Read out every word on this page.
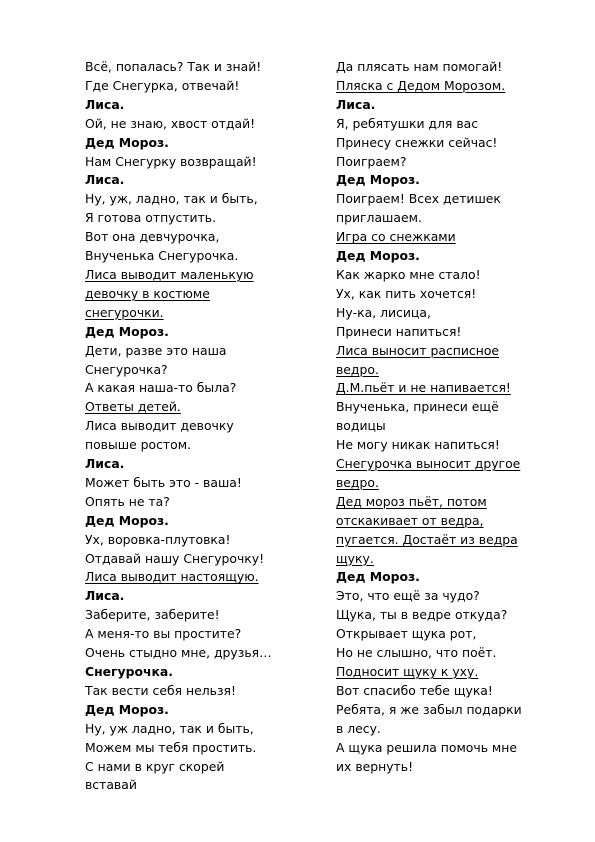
Всё, попалась? Так и знай!
Где Снегурка, отвечай!
Лиса.
Ой, не знаю, хвост отдай!
Дед Мороз.
Нам Снегурку возвращай!
Лиса.
Ну, уж, ладно, так и быть,
Я готова отпустить.
Вот она девчурочка,
Внученька Снегурочка.
Лиса выводит маленькую
девочку в костюме
снегурочки.
Дед Мороз.
Дети, разве это наша
Снегурочка?
А какая наша-то была?
Ответы детей.
Лиса выводит девочку
повыше ростом.
Лиса.
Может быть это - ваша!
Опять не та?
Дед Мороз.
Ух, воровка-плутовка!
Отдавай нашу Снегурочку!
Лиса выводит настоящую.
Лиса.
Заберите, заберите!
А меня-то вы простите?
Очень стыдно мне, друзья…
Снегурочка.
Так вести себя нельзя!
Дед Мороз.
Ну, уж ладно, так и быть,
Можем мы тебя простить.
С нами в круг скорей
вставай
Да плясать нам помогай!
Пляска с Дедом Морозом.
Лиса.
Я, ребятушки для вас
Принесу снежки сейчас!
Поиграем?
Дед Мороз.
Поиграем! Всех детишек
приглашаем.
Игра со снежками
Дед Мороз.
Как жарко мне стало!
Ух, как пить хочется!
Ну-ка, лисица,
Принеси напиться!
Лиса выносит расписное
ведро.
Д.М.пьёт и не напивается!
Внученька, принеси ещё
водицы
Не могу никак напиться!
Снегурочка выносит другое
ведро.
Дед мороз пьёт, потом
отскакивает от ведра,
пугается. Достаёт из ведра
щуку.
Дед Мороз.
Это, что ещё за чудо?
Щука, ты в ведре откуда?
Открывает щука рот,
Но не слышно, что поёт.
Подносит щуку к уху.
Вот спасибо тебе щука!
Ребята, я же забыл подарки
в лесу.
А щука решила помочь мне
их вернуть!
